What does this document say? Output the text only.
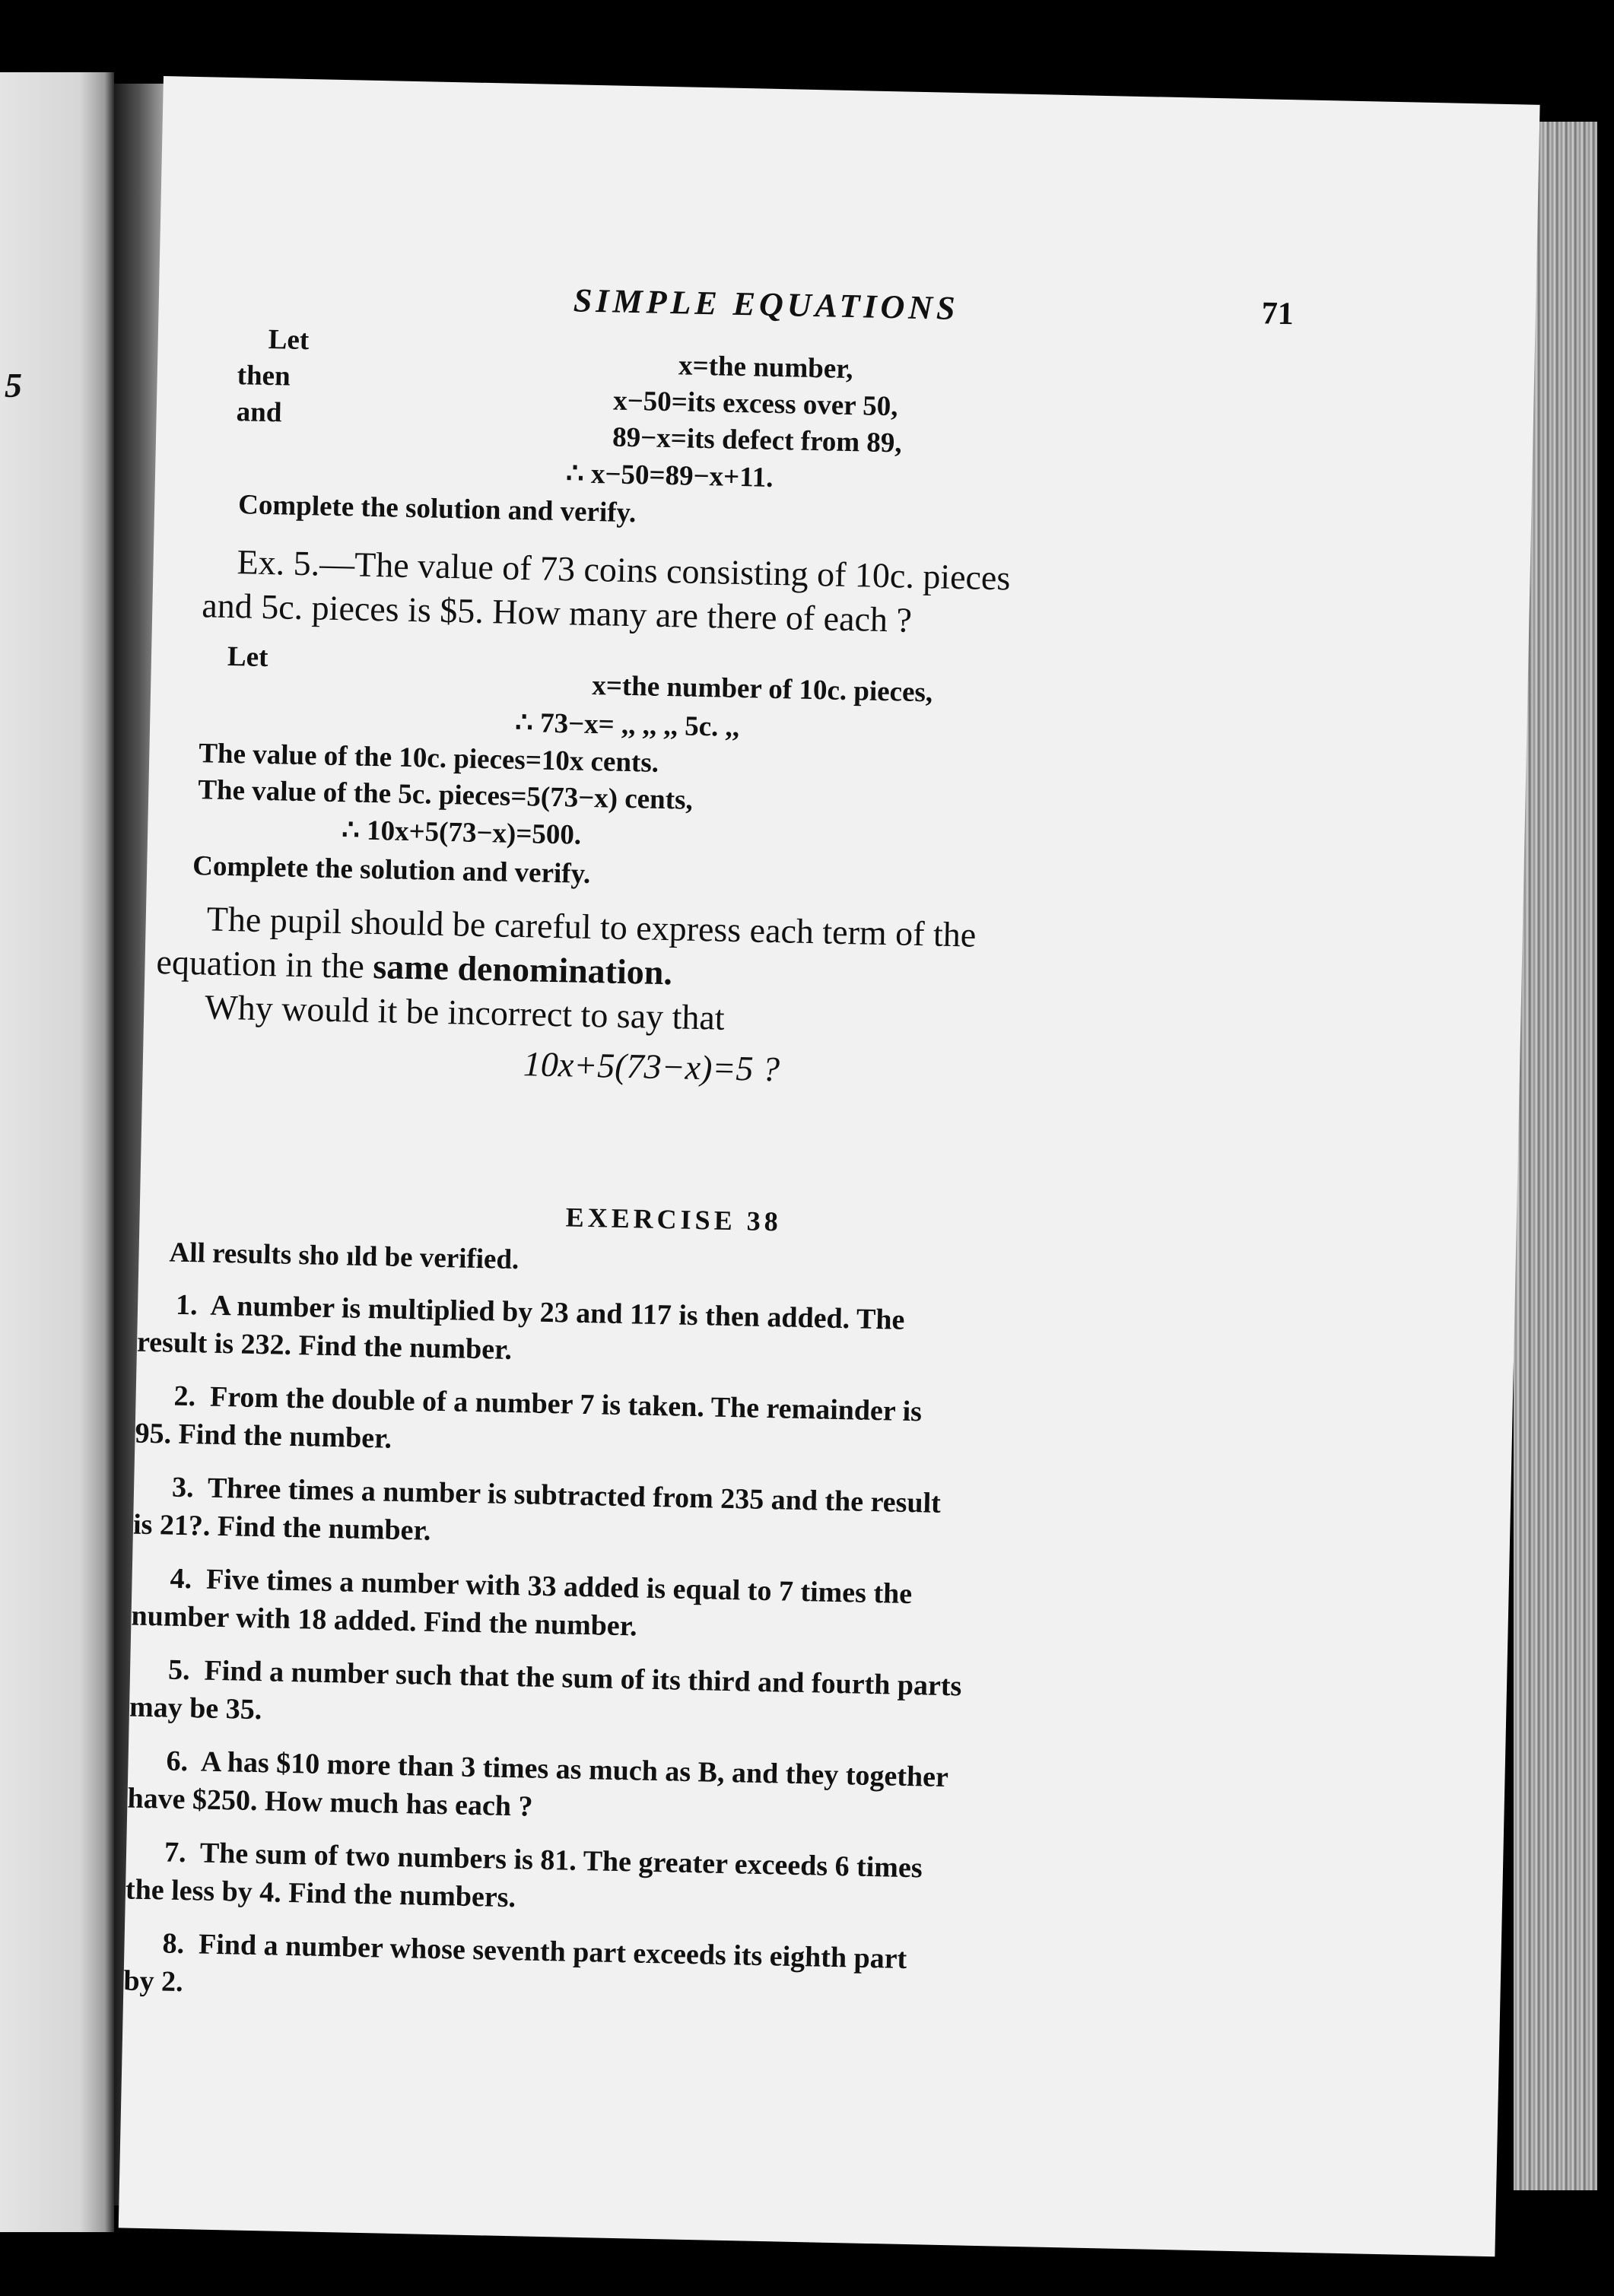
5
SIMPLE EQUATIONS	71
Let
then
and
x=the number,
x−50=its excess over 50,
89−x=its defect from 89,
∴ x−50=89−x+11.
Complete the solution and verify.
Ex. 5.—The value of 73 coins consisting of 10c. pieces
and 5c. pieces is $5. How many are there of each ?
Let
x=the number of 10c. pieces,
∴ 73−x= ,, ,, ,, 5c. ,,
The value of the 10c. pieces=10x cents.
The value of the 5c. pieces=5(73−x) cents,
∴ 10x+5(73−x)=500.
Complete the solution and verify.
The pupil should be careful to express each term of the
equation in the same denomination.
Why would it be incorrect to say that
10x+5(73−x)=5 ?
EXERCISE 38
All results sho ıld be verified.
1. A number is multiplied by 23 and 117 is then added. The
result is 232. Find the number.
2. From the double of a number 7 is taken. The remainder is
95. Find the number.
3. Three times a number is subtracted from 235 and the result
is 21?. Find the number.
4. Five times a number with 33 added is equal to 7 times the
number with 18 added. Find the number.
5. Find a number such that the sum of its third and fourth parts
may be 35.
6. A has $10 more than 3 times as much as B, and they together
have $250. How much has each ?
7. The sum of two numbers is 81. The greater exceeds 6 times
the less by 4. Find the numbers.
8. Find a number whose seventh part exceeds its eighth part
by 2.
